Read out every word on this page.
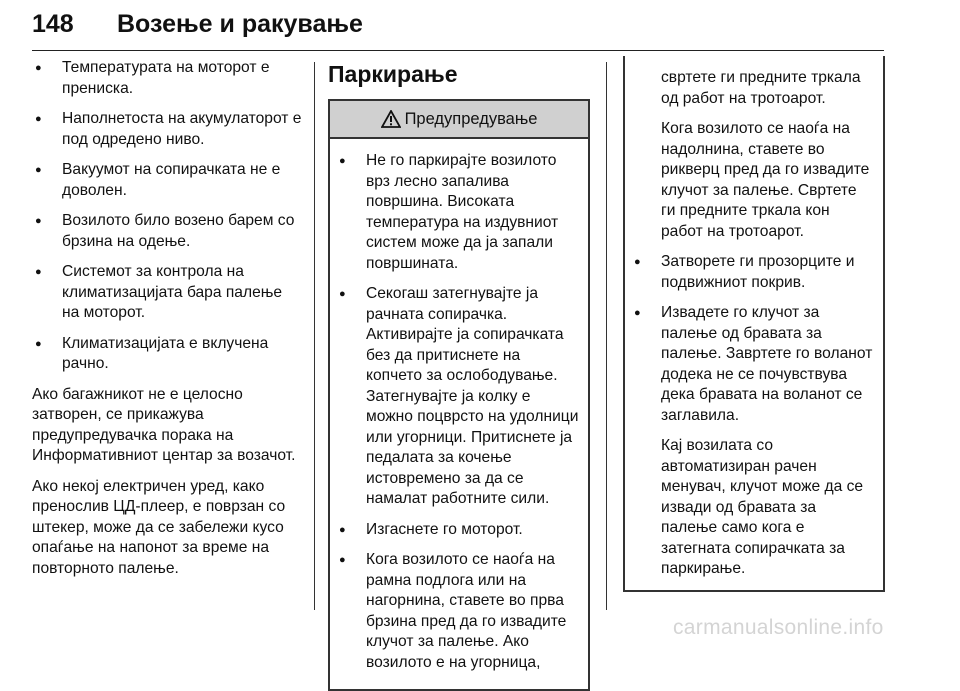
148 Возење и ракување
● Температурата на моторот е прениска.
● Наполнетоста на акумулаторот е под одредено ниво.
● Вакуумот на сопирачката не е доволен.
● Возилото било возено барем со брзина на одење.
● Системот за контрола на климатизацијата бара палење на моторот.
● Климатизацијата е вклучена рачно.

Ако багажникот не е целосно затворен, се прикажува предупредувачка порака на Информативниот центар за возачот.

Ако некој електричен уред, како пренослив ЦД-плеер, е поврзан со штекер, може да се забележи кусо опаѓање на напонот за време на повторното палење.

Паркирање
Предупредување
● Не го паркирајте возилото врз лесно запалива површина. Високата температура на издувниот систем може да ја запали површината.
● Секогаш затегнувајте ја рачната сопирачка. Активирајте ја сопирачката без да притиснете на копчето за ослободување. Затегнувајте ја колку е можно поцврсто на удолници или угорници. Притиснете ја педалата за кочење истовремено за да се намалат работните сили.
● Изгаснете го моторот.
● Кога возилото се наоѓа на рамна подлога или на нагорнина, ставете во прва брзина пред да го извадите клучот за палење. Ако возилото е на угорница,

свртете ги предните тркала од работ на тротоарот.

Кога возилото се наоѓа на надолнина, ставете во рикверц пред да го извадите клучот за палење. Свртете ги предните тркала кон работ на тротоарот.

● Затворете ги прозорците и подвижниот покрив.
● Извадете го клучот за палење од бравата за палење. Завртете го воланот додека не се почувствува дека бравата на воланот се заглавила.

Кај возилата со автоматизиран рачен менувач, клучот може да се извади од бравата за палење само кога е затегната сопирачката за паркирање.

carmanualsonline.info
